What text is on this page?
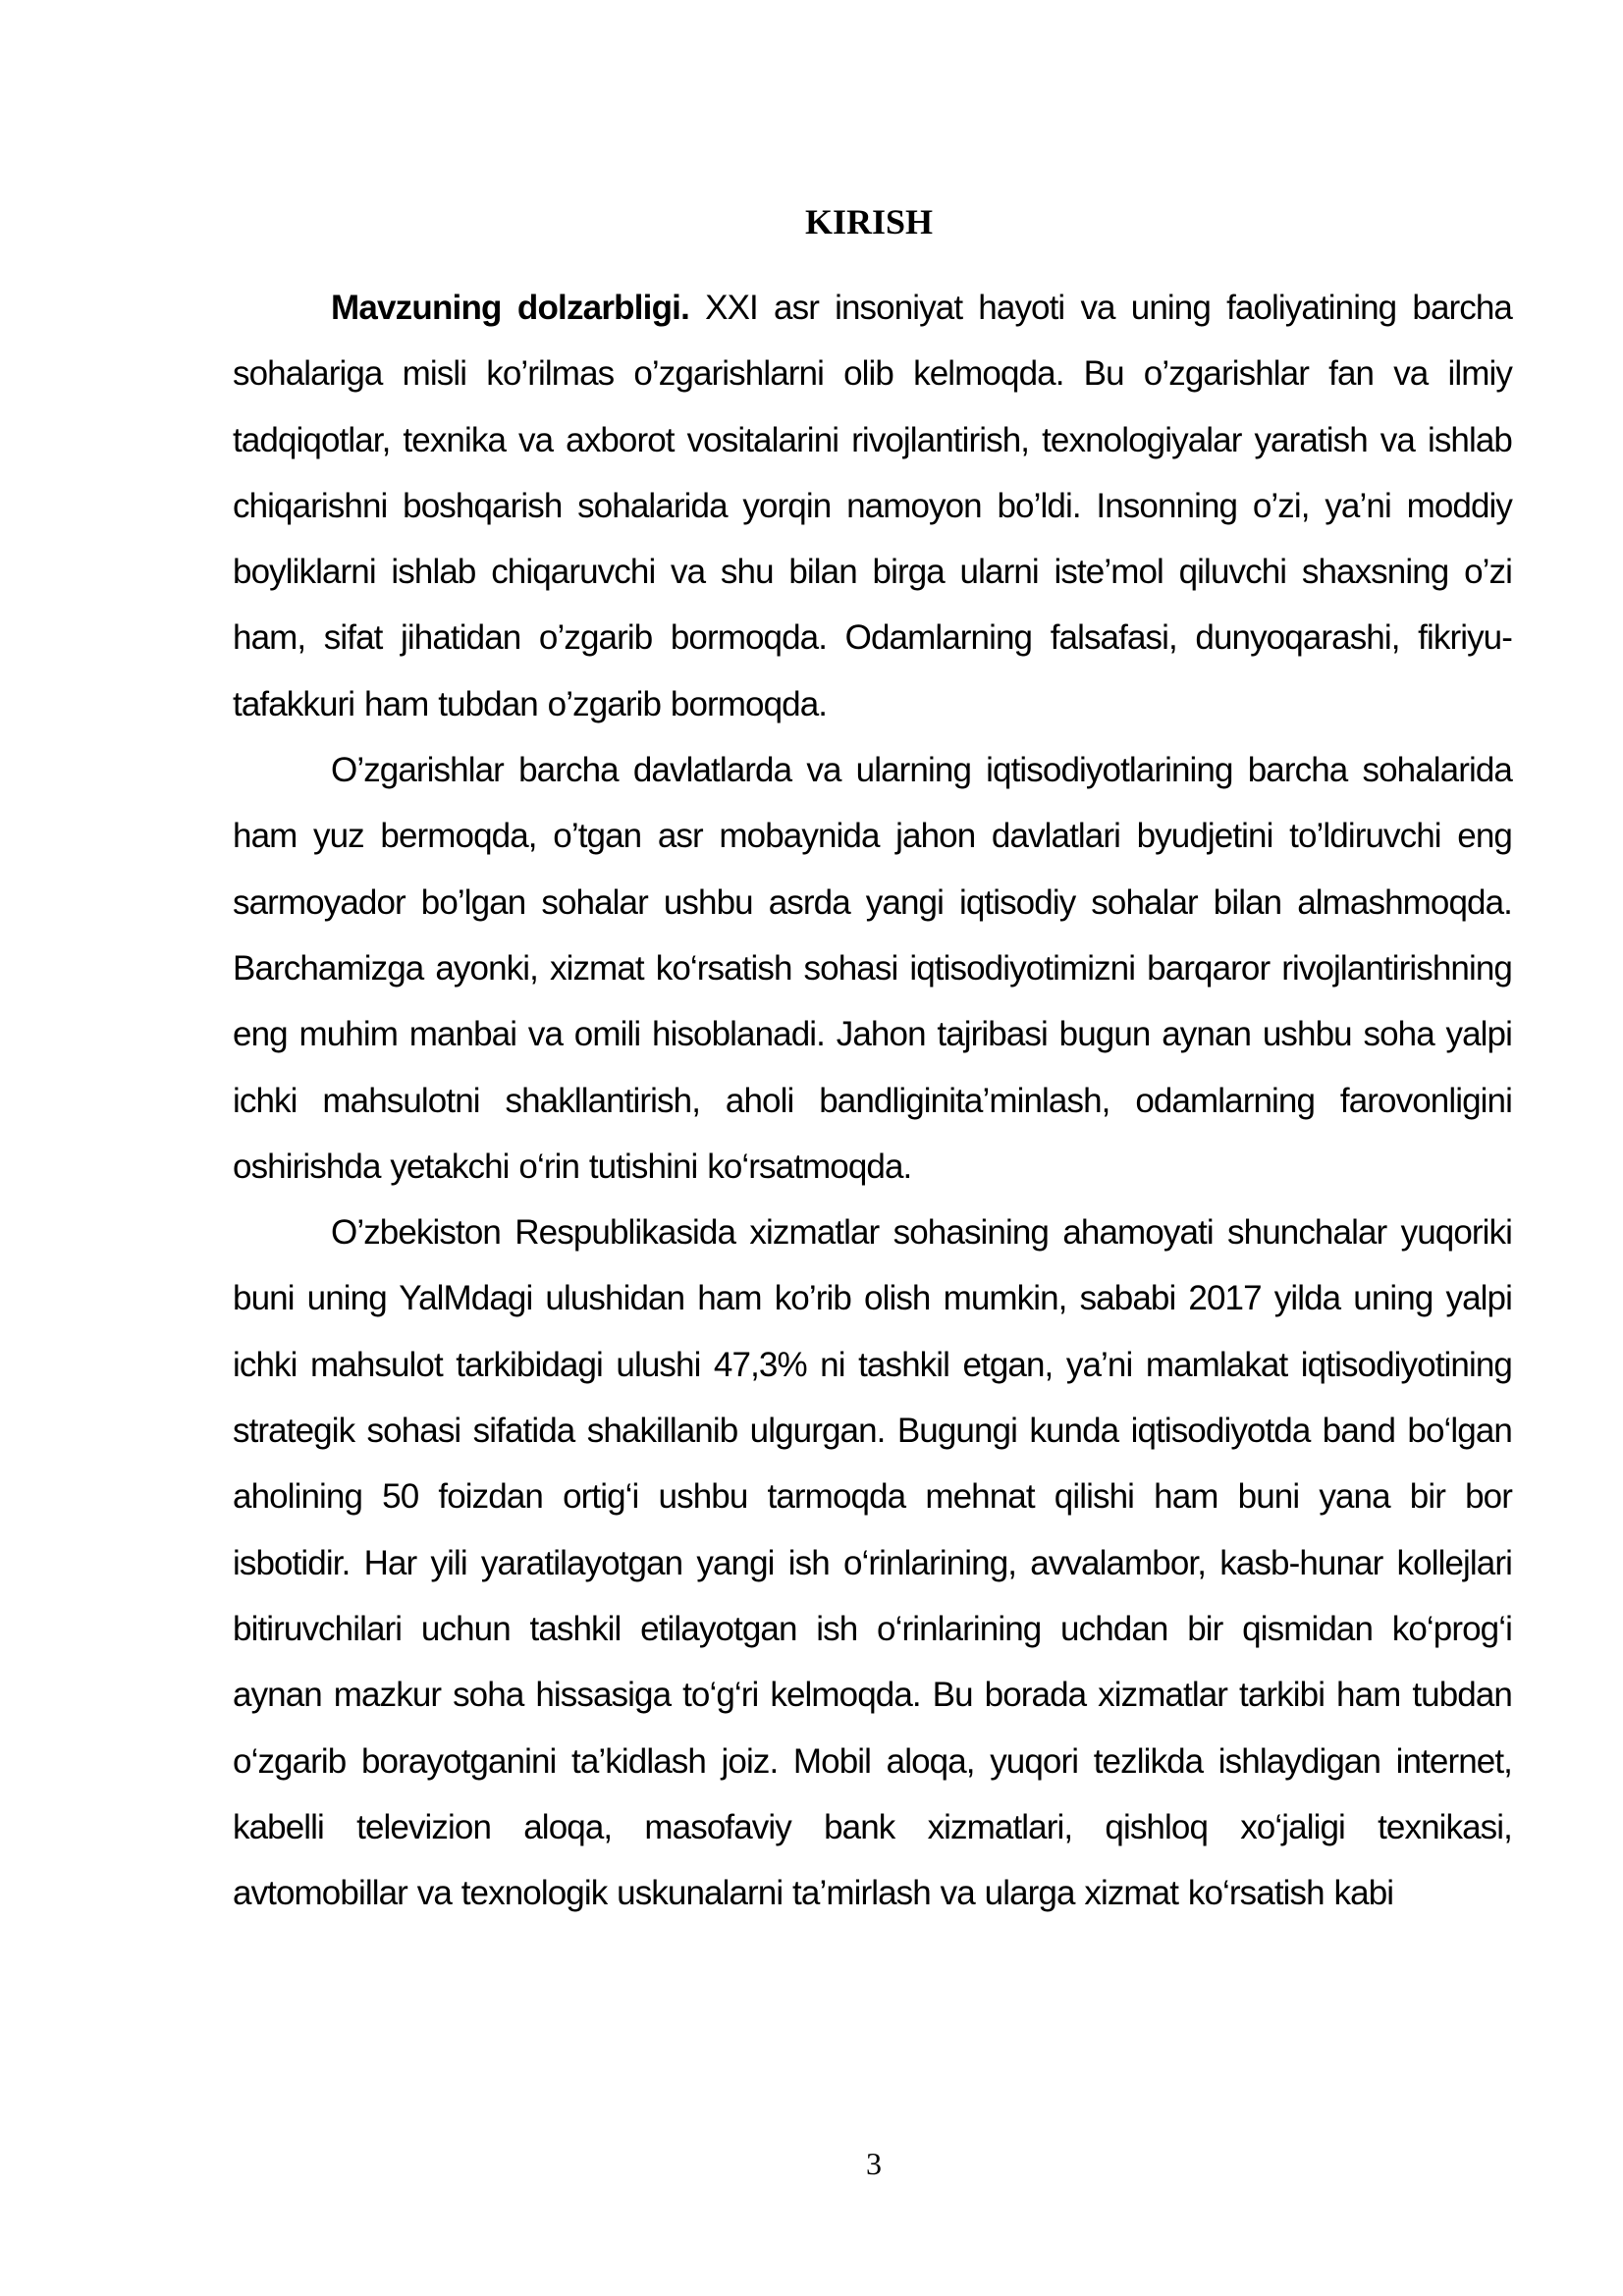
KIRISH

Mavzuning dolzarbligi. XXI asr insoniyat hayoti va uning faoliyatining barcha sohalariga misli ko’rilmas o’zgarishlarni olib kelmoqda. Bu o’zgarishlar fan va ilmiy tadqiqotlar, texnika va axborot vositalarini rivojlantirish, texnologiyalar yaratish va ishlab chiqarishni boshqarish sohalarida yorqin namoyon bo’ldi. Insonning o’zi, ya’ni moddiy boyliklarni ishlab chiqaruvchi va shu bilan birga ularni iste’mol qiluvchi shaxsning o’zi ham, sifat jihatidan o’zgarib bormoqda. Odamlarning falsafasi, dunyoqarashi, fikriyu-tafakkuri ham tubdan o’zgarib bormoqda.

O’zgarishlar barcha davlatlarda va ularning iqtisodiyotlarining barcha sohalarida ham yuz bermoqda, o’tgan asr mobaynida jahon davlatlari byudjetini to’ldiruvchi eng sarmoyador bo’lgan sohalar ushbu asrda yangi iqtisodiy sohalar bilan almashmoqda. Barchamizga ayonki, xizmat ko‘rsatish sohasi iqtisodiyotimizni barqaror rivojlantirishning eng muhim manbai va omili hisoblanadi. Jahon tajribasi bugun aynan ushbu soha yalpi ichki mahsulotni shakllantirish, aholi bandliginita’minlash, odamlarning farovonligini oshirishda yetakchi o‘rin tutishini ko‘rsatmoqda.

O’zbekiston Respublikasida xizmatlar sohasining ahamoyati shunchalar yuqoriki buni uning YalMdagi ulushidan ham ko’rib olish mumkin, sababi 2017 yilda uning yalpi ichki mahsulot tarkibidagi ulushi 47,3% ni tashkil etgan, ya’ni mamlakat iqtisodiyotining strategik sohasi sifatida shakillanib ulgurgan. Bugungi kunda iqtisodiyotda band bo‘lgan aholining 50 foizdan ortig‘i ushbu tarmoqda mehnat qilishi ham buni yana bir bor isbotidir. Har yili yaratilayotgan yangi ish o‘rinlarining, avvalambor, kasb-hunar kollejlari bitiruvchilari uchun tashkil etilayotgan ish o‘rinlarining uchdan bir qismidan ko‘prog‘i aynan mazkur soha hissasiga to‘g‘ri kelmoqda. Bu borada xizmatlar tarkibi ham tubdan o‘zgarib borayotganini ta’kidlash joiz. Mobil aloqa, yuqori tezlikda ishlaydigan internet, kabelli televizion aloqa, masofaviy bank xizmatlari, qishloq xo‘jaligi texnikasi, avtomobillar va texnologik uskunalarni ta’mirlash va ularga xizmat ko‘rsatish kabi

3
